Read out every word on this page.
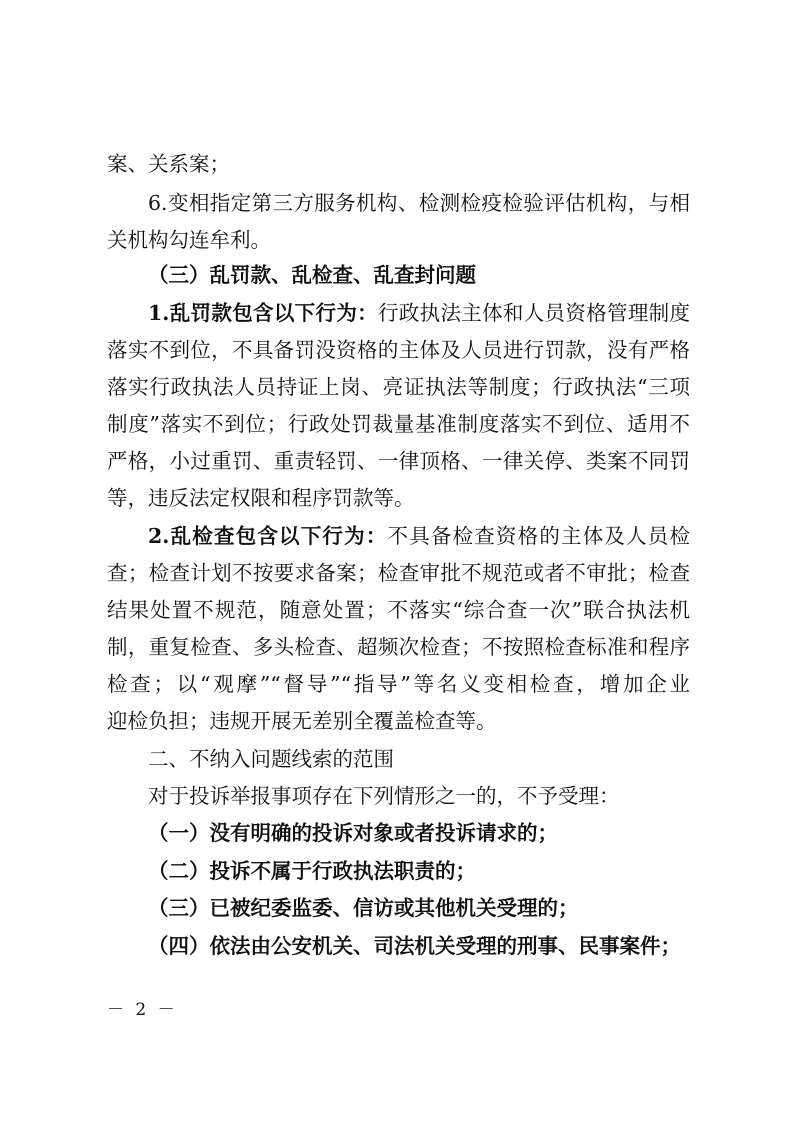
案、关系案；
6.变相指定第三方服务机构、检测检疫检验评估机构，与相
关机构勾连牟利。
（三）乱罚款、乱检查、乱查封问题
1.乱罚款包含以下行为：行政执法主体和人员资格管理制度
落实不到位，不具备罚没资格的主体及人员进行罚款，没有严格
落实行政执法人员持证上岗、亮证执法等制度；行政执法“三项
制度”落实不到位；行政处罚裁量基准制度落实不到位、适用不
严格，小过重罚、重责轻罚、一律顶格、一律关停、类案不同罚
等，违反法定权限和程序罚款等。
2.乱检查包含以下行为：不具备检查资格的主体及人员检
查；检查计划不按要求备案；检查审批不规范或者不审批；检查
结果处置不规范，随意处置；不落实“综合查一次”联合执法机
制，重复检查、多头检查、超频次检查；不按照检查标准和程序
检查；以“观摩”“督导”“指导”等名义变相检查，增加企业
迎检负担；违规开展无差别全覆盖检查等。
二、不纳入问题线索的范围
对于投诉举报事项存在下列情形之一的，不予受理：
（一）没有明确的投诉对象或者投诉请求的；
（二）投诉不属于行政执法职责的；
（三）已被纪委监委、信访或其他机关受理的；
（四）依法由公安机关、司法机关受理的刑事、民事案件；
－ 2 －
